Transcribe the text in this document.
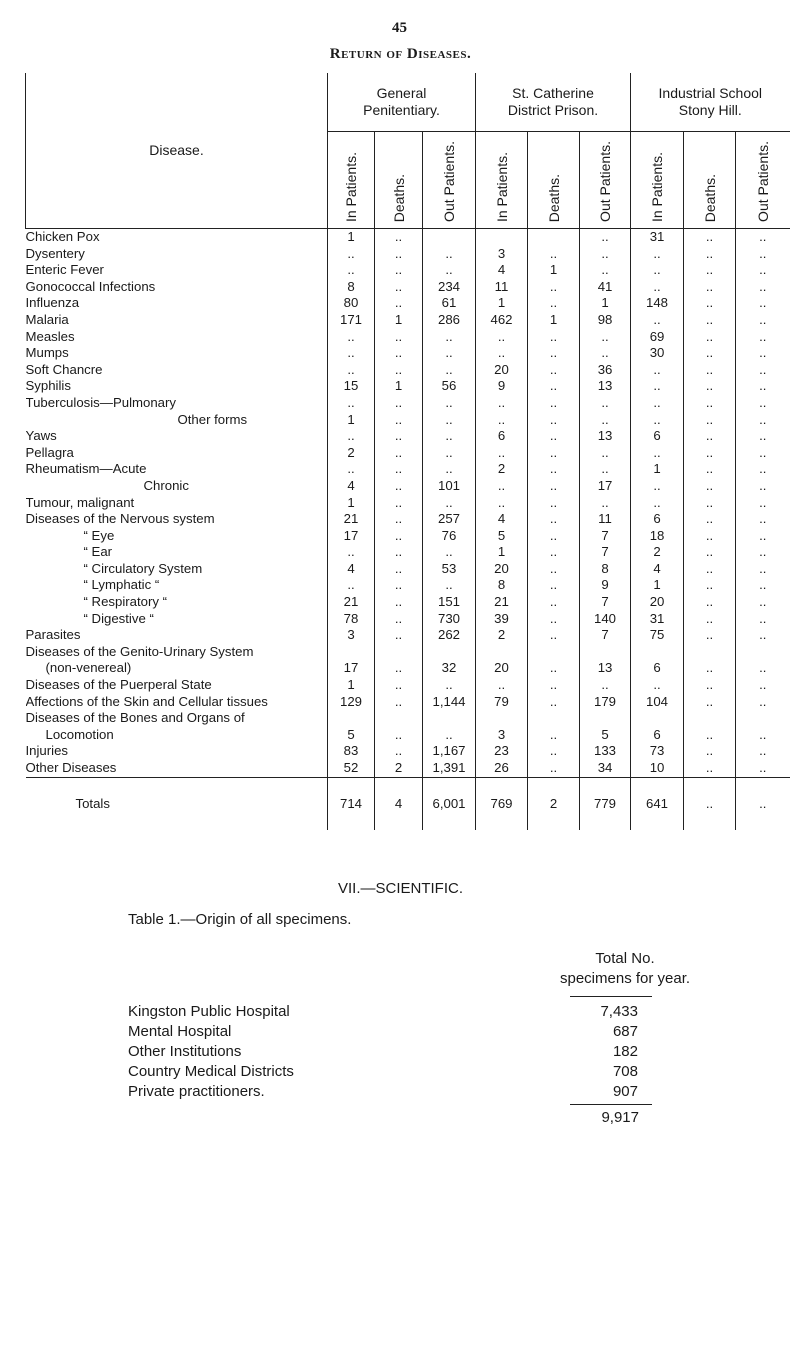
45
Return of Diseases.
Disease.	General
Penitentiary.			St. Catherine
District Prison.			Industrial School
Stony Hill.		

	In Patients.	Deaths.	Out Patients.	In Patients.	Deaths.	Out Patients.	In Patients.	Deaths.	Out Patients.

Chicken Pox	1	..				..	31	..	..
Dysentery	..	..	..	3	..	..	..	..	..
Enteric Fever	..	..	..	4	1	..	..	..	..
Gonococcal Infections	8	..	234	11	..	41	..	..	..
Influenza	80	..	61	1	..	1	148	..	..
Malaria	171	1	286	462	1	98	..	..	..
Measles	..	..	..	..	..	..	69	..	..
Mumps	..	..	..	..	..	..	30	..	..
Soft Chancre	..	..	..	20	..	36	..	..	..
Syphilis	15	1	56	9	..	13	..	..	..
Tuberculosis—Pulmonary	..	..	..	..	..	..	..	..	..
Other forms	1	..	..	..	..	..	..	..	..
Yaws	..	..	..	6	..	13	6	..	..
Pellagra	2	..	..	..	..	..	..	..	..
Rheumatism—Acute	..	..	..	2	..	..	1	..	..
Chronic	4	..	101	..	..	17	..	..	..
Tumour, malignant	1	..	..	..	..	..	..	..	..
Diseases of the Nervous system	21	..	257	4	..	11	6	..	..
“ Eye	17	..	76	5	..	7	18	..	..
“ Ear	..	..	..	1	..	7	2	..	..
“ Circulatory System	4	..	53	20	..	8	4	..	..
“ Lymphatic “	..	..	..	8	..	9	1	..	..
“ Respiratory “	21	..	151	21	..	7	20	..	..
“ Digestive “	78	..	730	39	..	140	31	..	..
Parasites	3	..	262	2	..	7	75	..	..
Diseases of the Genito-Urinary System									
(non-venereal)	17	..	32	20	..	13	6	..	..
Diseases of the Puerperal State	1	..	..	..	..	..	..	..	..
Affections of the Skin and Cellular tissues	129	..	1,144	79	..	179	104	..	..
Diseases of the Bones and Organs of									
Locomotion	5	..	..	3	..	5	6	..	..
Injuries	83	..	1,167	23	..	133	73	..	..
Other Diseases	52	2	1,391	26	..	34	10	..	..
Totals	714	4	6,001	769	2	779	641	..	..
VII.—SCIENTIFIC.
Table 1.—Origin of all specimens.
Total No.
specimens for year.
Kingston Public Hospital	7,433
Mental Hospital	687
Other Institutions	182
Country Medical Districts	708
Private practitioners.	907
9,917
